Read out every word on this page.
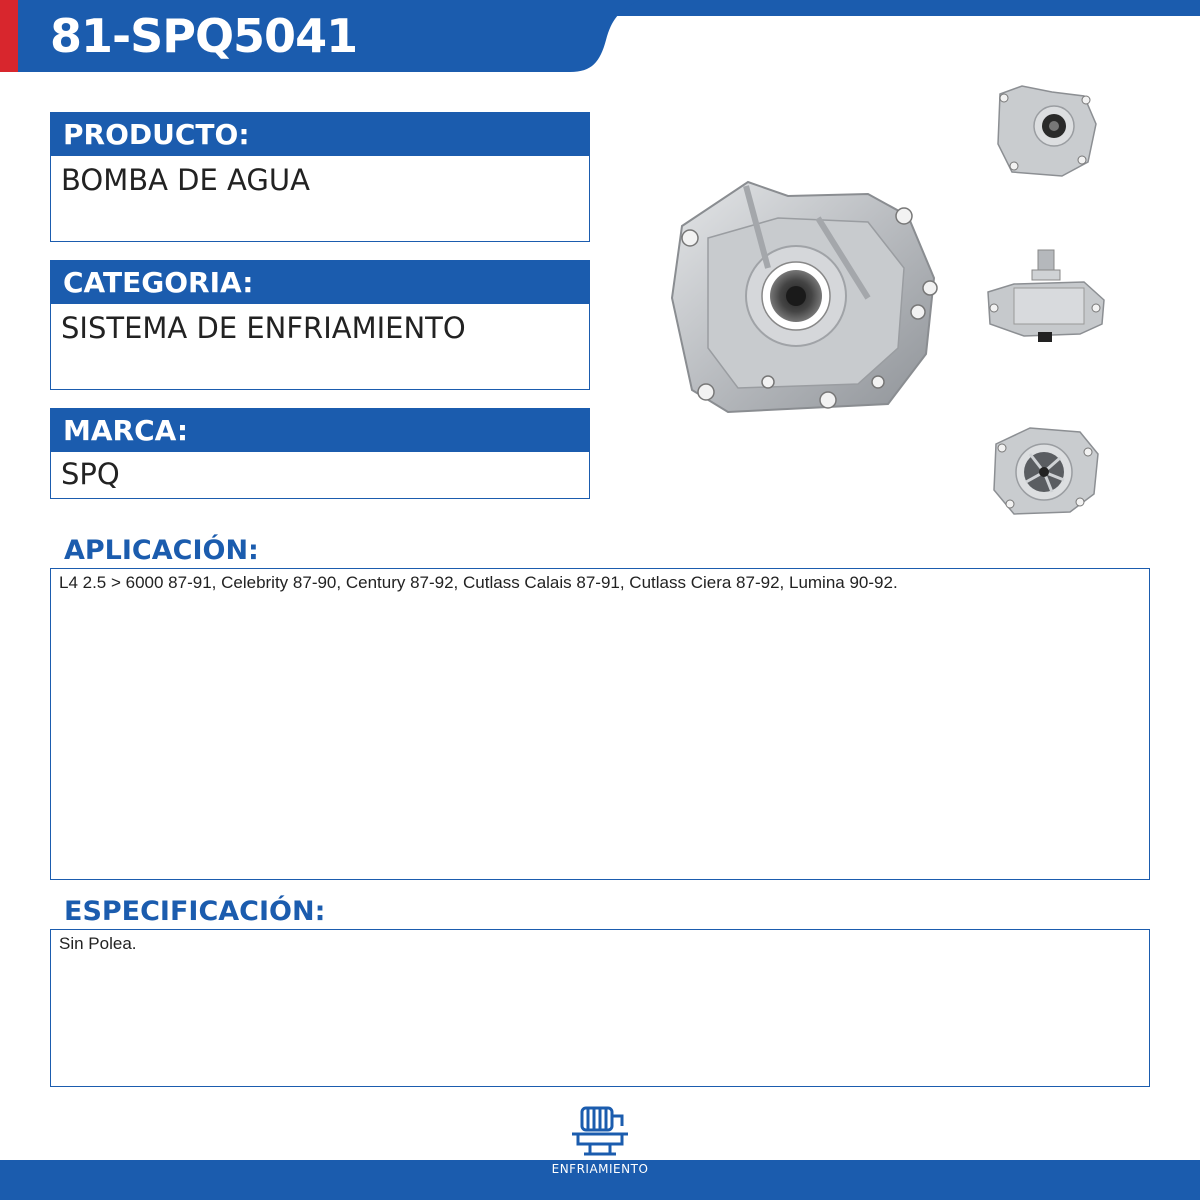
81-SPQ5041
PRODUCTO:
BOMBA DE AGUA
CATEGORIA:
SISTEMA DE ENFRIAMIENTO
MARCA:
SPQ
APLICACIÓN:
L4 2.5 > 6000 87-91, Celebrity 87-90, Century 87-92, Cutlass Calais 87-91, Cutlass Ciera 87-92, Lumina 90-92.
ESPECIFICACIÓN:
Sin Polea.
ENFRIAMIENTO
